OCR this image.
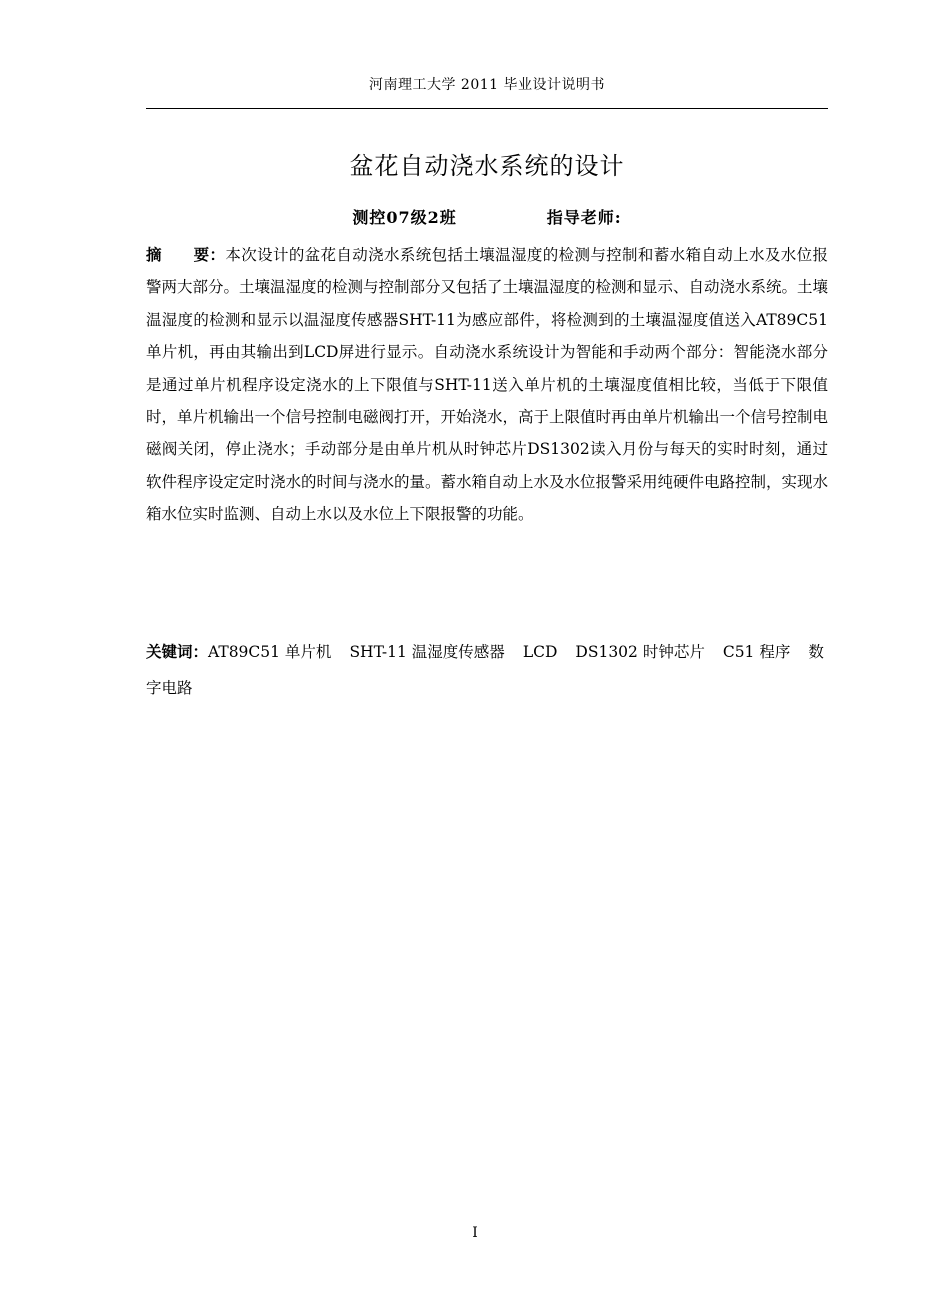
河南理工大学 2011 毕业设计说明书
盆花自动浇水系统的设计
测控07级2班	指导老师:
摘　　要：本次设计的盆花自动浇水系统包括土壤温湿度的检测与控制和蓄水箱自动上水及水位报警两大部分。土壤温湿度的检测与控制部分又包括了土壤温湿度的检测和显示、自动浇水系统。土壤温湿度的检测和显示以温湿度传感器SHT-11为感应部件，将检测到的土壤温湿度值送入AT89C51单片机，再由其输出到LCD屏进行显示。自动浇水系统设计为智能和手动两个部分：智能浇水部分是通过单片机程序设定浇水的上下限值与SHT-11送入单片机的土壤湿度值相比较，当低于下限值时，单片机输出一个信号控制电磁阀打开，开始浇水，高于上限值时再由单片机输出一个信号控制电磁阀关闭，停止浇水；手动部分是由单片机从时钟芯片DS1302读入月份与每天的实时时刻，通过软件程序设定定时浇水的时间与浇水的量。蓄水箱自动上水及水位报警采用纯硬件电路控制，实现水箱水位实时监测、自动上水以及水位上下限报警的功能。
关键词：AT89C51 单片机 SHT-11 温湿度传感器 LCD DS1302 时钟芯片 C51 程序 数字电路
I
